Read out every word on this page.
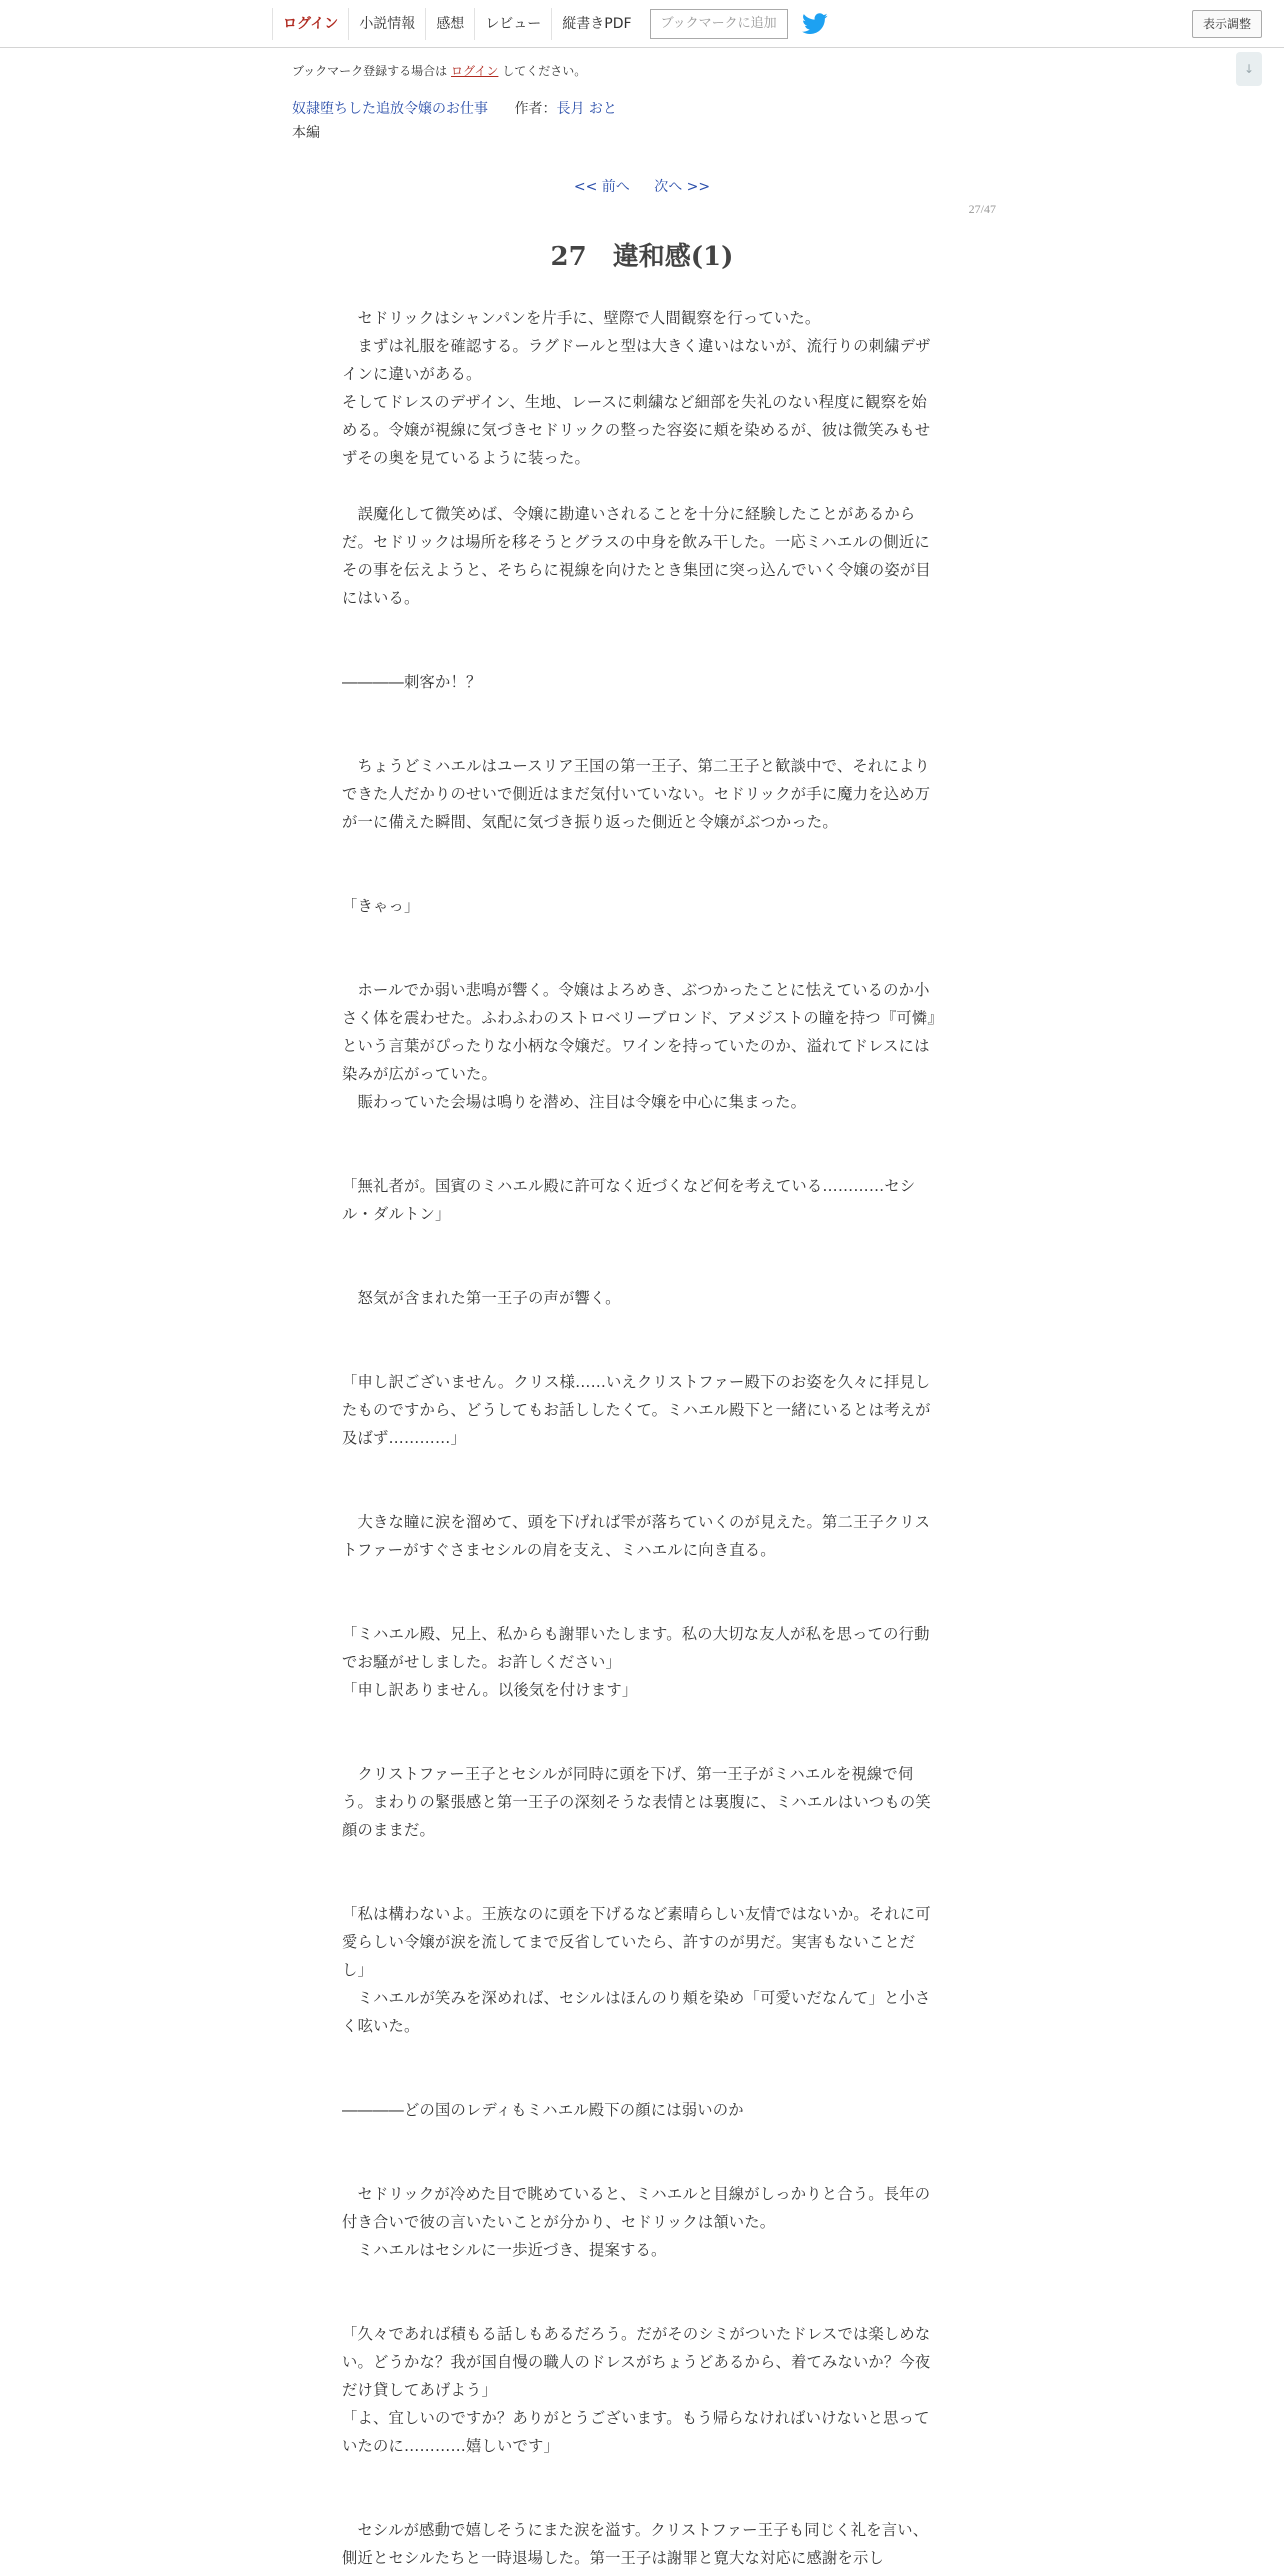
ログイン	小説情報	感想	レビュー	縦書きPDF	ブックマークに追加	表示調整
↓
ブックマーク登録する場合は ログイン してください。
奴隷堕ちした追放令嬢のお仕事 作者：長月 おと
本編
<< 前へ 次へ >>
27/47
27　違和感(1)

　セドリックはシャンパンを片手に、壁際で人間観察を行っていた。

　まずは礼服を確認する。ラグドールと型は大きく違いはないが、流行りの刺繍デザインに違いがある。

そしてドレスのデザイン、生地、レースに刺繍など細部を失礼のない程度に観察を始める。令嬢が視線に気づきセドリックの整った容姿に頬を染めるが、彼は微笑みもせずその奥を見ているように装った。

　誤魔化して微笑めば、令嬢に勘違いされることを十分に経験したことがあるからだ。セドリックは場所を移そうとグラスの中身を飲み干した。一応ミハエルの側近にその事を伝えようと、そちらに視線を向けたとき集団に突っ込んでいく令嬢の姿が目にはいる。

――――刺客か！？

　ちょうどミハエルはユースリア王国の第一王子、第二王子と歓談中で、それによりできた人だかりのせいで側近はまだ気付いていない。セドリックが手に魔力を込め万が一に備えた瞬間、気配に気づき振り返った側近と令嬢がぶつかった。

「きゃっ」

　ホールでか弱い悲鳴が響く。令嬢はよろめき、ぶつかったことに怯えているのか小さく体を震わせた。ふわふわのストロベリーブロンド、アメジストの瞳を持つ『可憐』という言葉がぴったりな小柄な令嬢だ。ワインを持っていたのか、溢れてドレスには染みが広がっていた。

　賑わっていた会場は鳴りを潜め、注目は令嬢を中心に集まった。

「無礼者が。国賓のミハエル殿に許可なく近づくなど何を考えている…………セシル・ダルトン」

　怒気が含まれた第一王子の声が響く。

「申し訳ございません。クリス様……いえクリストファー殿下のお姿を久々に拝見したものですから、どうしてもお話ししたくて。ミハエル殿下と一緒にいるとは考えが及ばず…………」

　大きな瞳に涙を溜めて、頭を下げれば雫が落ちていくのが見えた。第二王子クリストファーがすぐさまセシルの肩を支え、ミハエルに向き直る。

「ミハエル殿、兄上、私からも謝罪いたします。私の大切な友人が私を思っての行動でお騒がせしました。お許しください」

「申し訳ありません。以後気を付けます」

　クリストファー王子とセシルが同時に頭を下げ、第一王子がミハエルを視線で伺う。まわりの緊張感と第一王子の深刻そうな表情とは裏腹に、ミハエルはいつもの笑顔のままだ。

「私は構わないよ。王族なのに頭を下げるなど素晴らしい友情ではないか。それに可愛らしい令嬢が涙を流してまで反省していたら、許すのが男だ。実害もないことだし」

　ミハエルが笑みを深めれば、セシルはほんのり頬を染め「可愛いだなんて」と小さく呟いた。

――――どの国のレディもミハエル殿下の顔には弱いのか

　セドリックが冷めた目で眺めていると、ミハエルと目線がしっかりと合う。長年の付き合いで彼の言いたいことが分かり、セドリックは頷いた。

　ミハエルはセシルに一歩近づき、提案する。

「久々であれば積もる話しもあるだろう。だがそのシミがついたドレスでは楽しめない。どうかな？我が国自慢の職人のドレスがちょうどあるから、着てみないか？今夜だけ貸してあげよう」

「よ、宜しいのですか？ありがとうございます。もう帰らなければいけないと思っていたのに…………嬉しいです」

　セシルが感動で嬉しそうにまた涙を溢す。クリストファー王子も同じく礼を言い、側近とセシルたちと一時退場した。第一王子は謝罪と寛大な対応に感謝を示し
